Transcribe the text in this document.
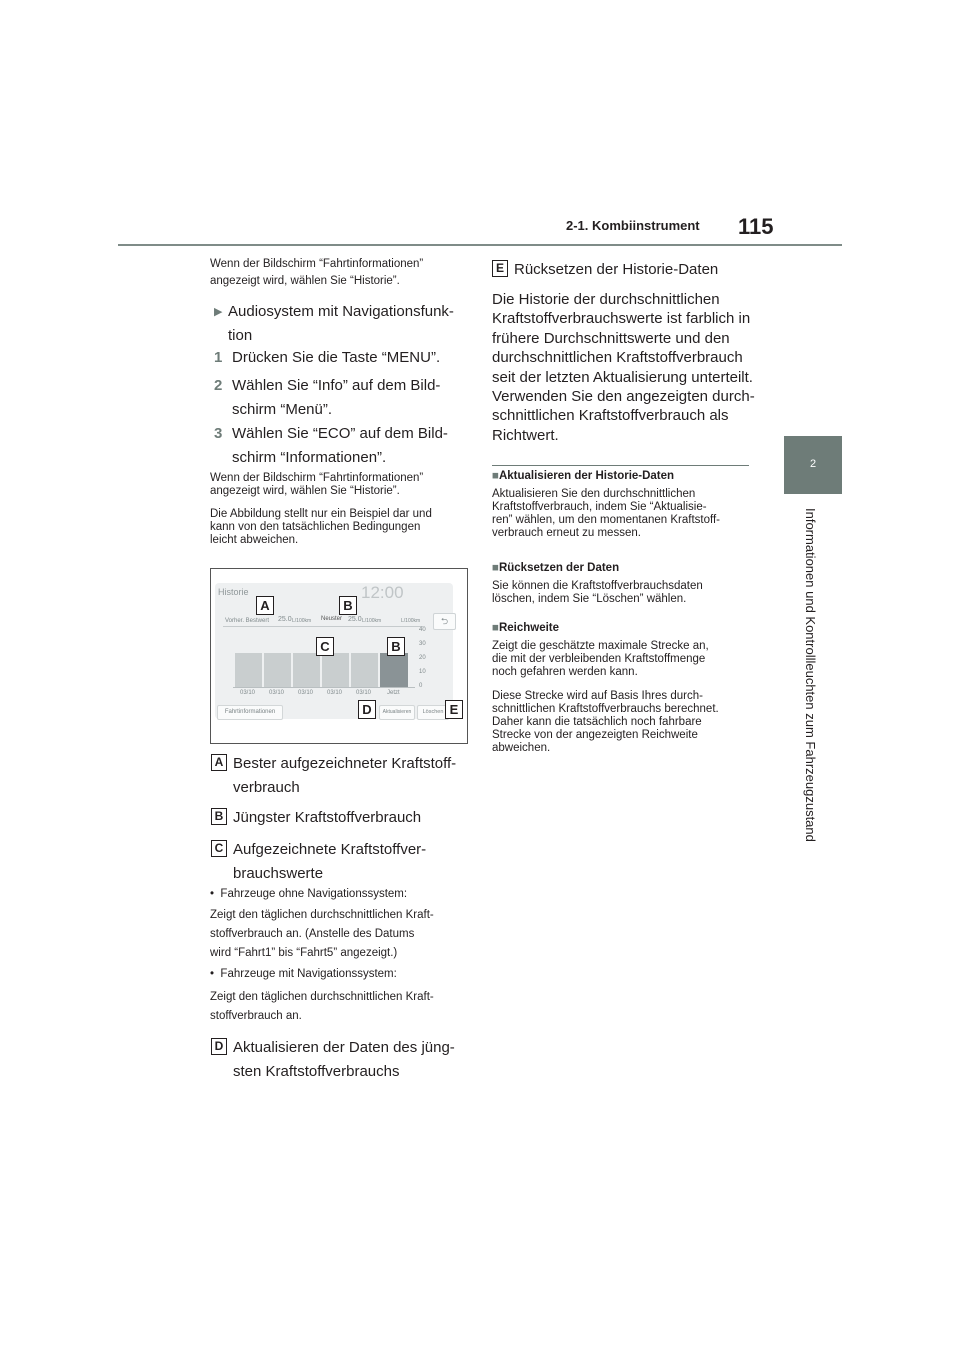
2-1. Kombiinstrument 115
2
Informationen und Kontrollleuchten zum Fahrzeugzustand
Wenn der Bildschirm “Fahrtinformationen”
angezeigt wird, wählen Sie “Historie”.
▶ Audiosystem mit Navigationsfunk-
tion
1 Drücken Sie die Taste “MENU”.
2 Wählen Sie “Info” auf dem Bild-
schirm “Menü”.
3 Wählen Sie “ECO” auf dem Bild-
schirm “Informationen”.
Wenn der Bildschirm “Fahrtinformationen”
angezeigt wird, wählen Sie “Historie”.
Die Abbildung stellt nur ein Beispiel dar und
kann von den tatsächlichen Bedingungen
leicht abweichen.
Historie	12:00
⮌
Vorher. Bestwert 25.0 L/100km Neuster 25.0 L/100km	L/100km
40
30
20
10
0
03/10 03/10 03/10 03/10 03/10	Jetzt
Fahrtinformationen	Aktualisieren	Löschen
A	B
C	B
D	E
A Bester aufgezeichneter Kraftstoff-
verbrauch
B Jüngster Kraftstoffverbrauch
C Aufgezeichnete Kraftstoffver-
brauchswerte
•  Fahrzeuge ohne Navigationssystem:
Zeigt den täglichen durchschnittlichen Kraft-
stoffverbrauch an. (Anstelle des Datums
wird “Fahrt1” bis “Fahrt5” angezeigt.)
•  Fahrzeuge mit Navigationssystem:
Zeigt den täglichen durchschnittlichen Kraft-
stoffverbrauch an.
D Aktualisieren der Daten des jüng-
sten Kraftstoffverbrauchs
E Rücksetzen der Historie-Daten
Die Historie der durchschnittlichen
Kraftstoffverbrauchswerte ist farblich in
frühere Durchschnittswerte und den
durchschnittlichen Kraftstoffverbrauch
seit der letzten Aktualisierung unterteilt.
Verwenden Sie den angezeigten durch-
schnittlichen Kraftstoffverbrauch als
Richtwert.
■Aktualisieren der Historie-Daten
Aktualisieren Sie den durchschnittlichen
Kraftstoffverbrauch, indem Sie “Aktualisie-
ren” wählen, um den momentanen Kraftstoff-
verbrauch erneut zu messen.
■Rücksetzen der Daten
Sie können die Kraftstoffverbrauchsdaten
löschen, indem Sie “Löschen” wählen.
■Reichweite
Zeigt die geschätzte maximale Strecke an,
die mit der verbleibenden Kraftstoffmenge
noch gefahren werden kann.
Diese Strecke wird auf Basis Ihres durch-
schnittlichen Kraftstoffverbrauchs berechnet.
Daher kann die tatsächlich noch fahrbare
Strecke von der angezeigten Reichweite
abweichen.
